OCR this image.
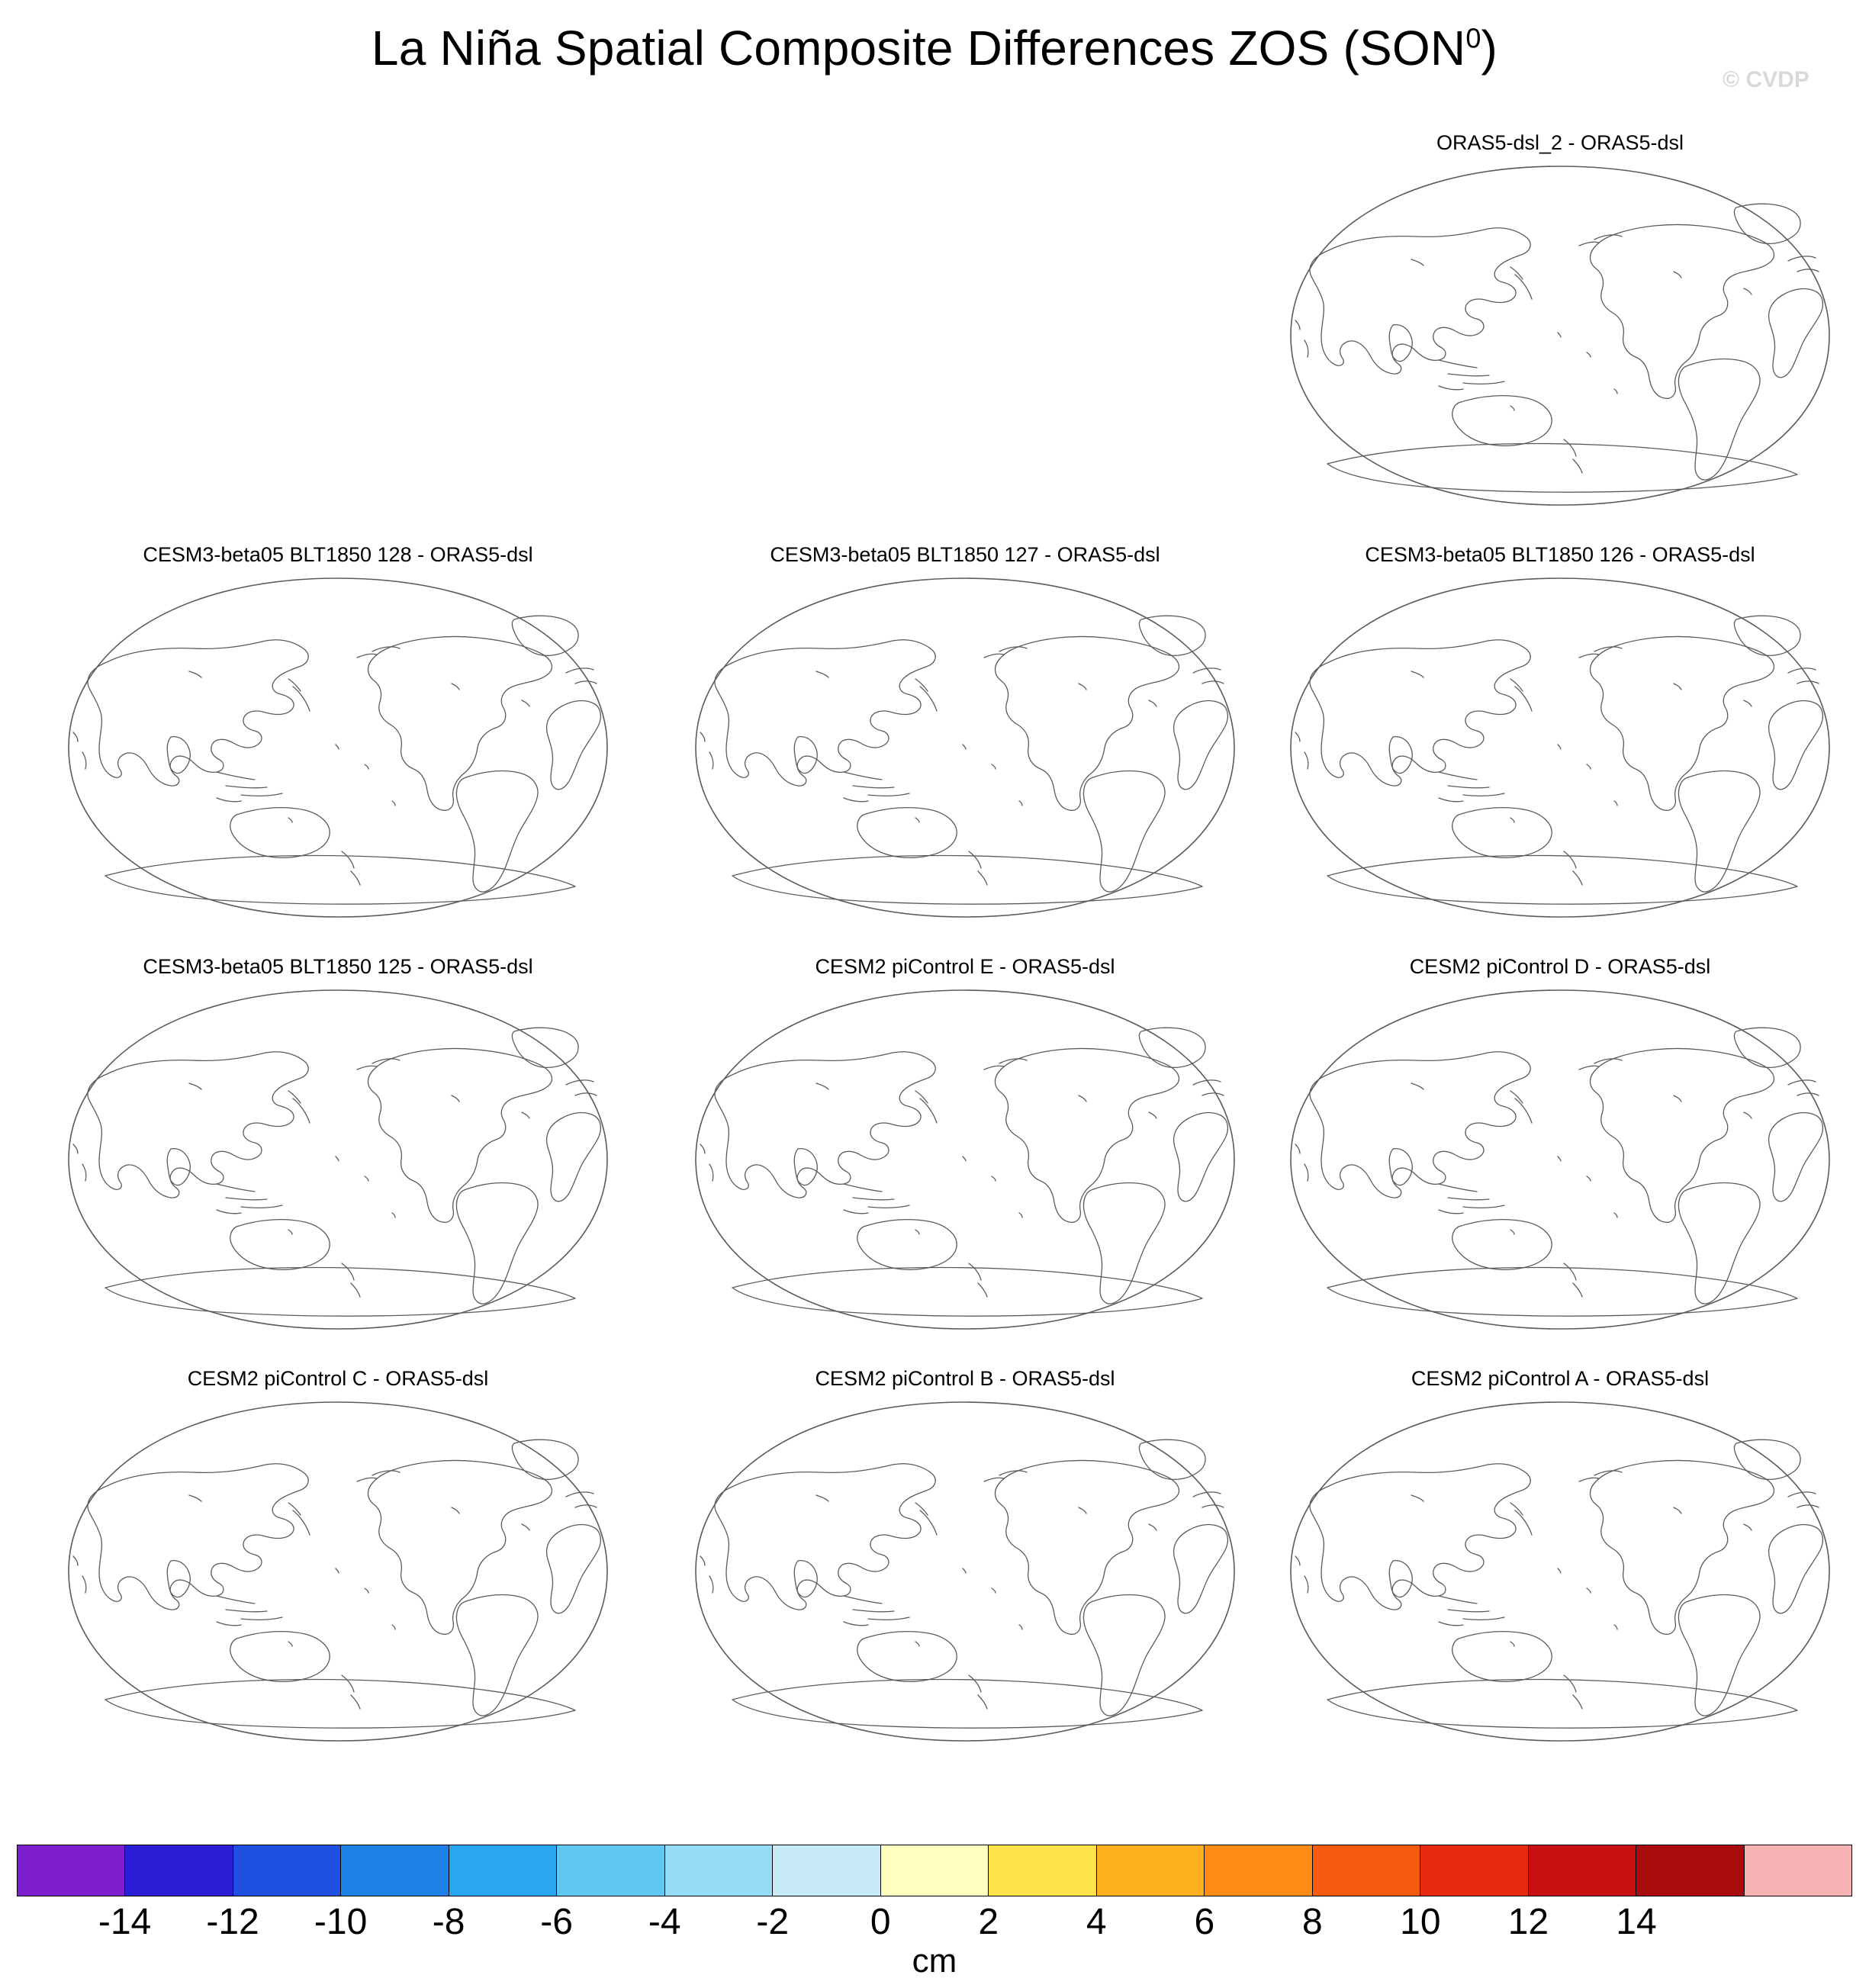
La Niña Spatial Composite Differences ZOS (SON$^0$)
© CVDP
ORAS5-dsl_2 - ORAS5-dsl
CESM3-beta05 BLT1850 128 - ORAS5-dsl	CESM3-beta05 BLT1850 127 - ORAS5-dsl	CESM3-beta05 BLT1850 126 - ORAS5-dsl
CESM3-beta05 BLT1850 125 - ORAS5-dsl	CESM2 piControl E - ORAS5-dsl	CESM2 piControl D - ORAS5-dsl
CESM2 piControl C - ORAS5-dsl	CESM2 piControl B - ORAS5-dsl	CESM2 piControl A - ORAS5-dsl
-14 -12 -10 -8 -6 -4 -2 0 2 4 6 8 10 12 14
cm
